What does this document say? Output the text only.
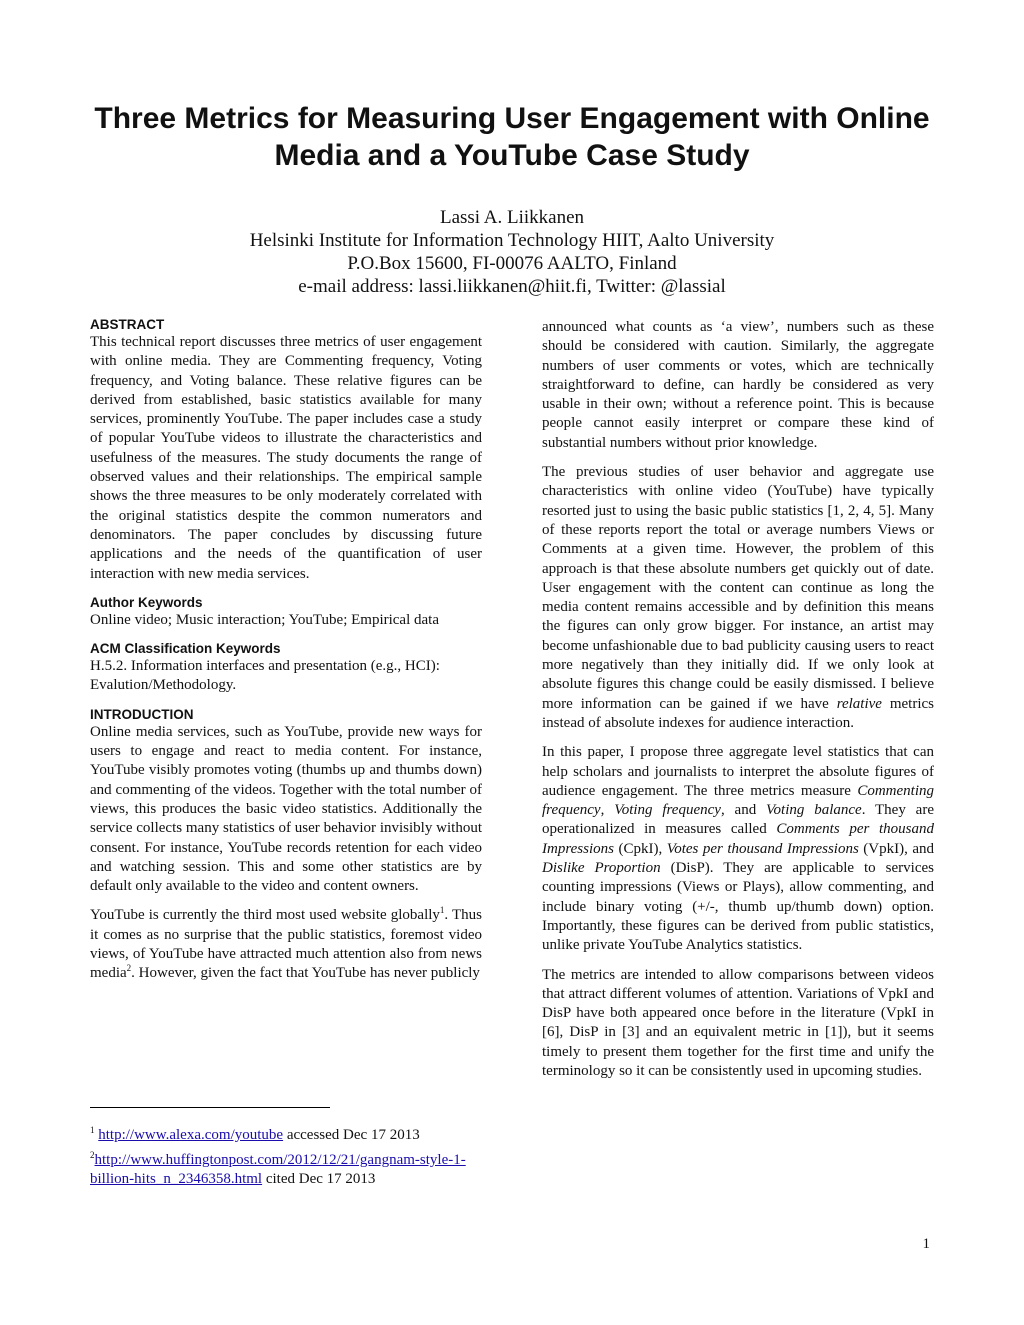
Three Metrics for Measuring User Engagement with Online Media and a YouTube Case Study
Lassi A. Liikkanen
Helsinki Institute for Information Technology HIIT, Aalto University
P.O.Box 15600, FI-00076 AALTO, Finland
e-mail address: lassi.liikkanen@hiit.fi, Twitter: @lassial
ABSTRACT

This technical report discusses three metrics of user engagement with online media. They are Commenting frequency, Voting frequency, and Voting balance. These relative figures can be derived from established, basic statistics available for many services, prominently YouTube. The paper includes case a study of popular YouTube videos to illustrate the characteristics and usefulness of the measures. The study documents the range of observed values and their relationships. The empirical sample shows the three measures to be only moderately correlated with the original statistics despite the common numerators and denominators. The paper concludes by discussing future applications and the needs of the quantification of user interaction with new media services.

Author Keywords

Online video; Music interaction; YouTube; Empirical data

ACM Classification Keywords

H.5.2. Information interfaces and presentation (e.g., HCI): Evalution/Methodology.

INTRODUCTION

Online media services, such as YouTube, provide new ways for users to engage and react to media content. For instance, YouTube visibly promotes voting (thumbs up and thumbs down) and commenting of the videos. Together with the total number of views, this produces the basic video statistics. Additionally the service collects many statistics of user behavior invisibly without consent. For instance, YouTube records retention for each video and watching session. This and some other statistics are by default only available to the video and content owners.

YouTube is currently the third most used website globally$^1$. Thus it comes as no surprise that the public statistics, foremost video views, of YouTube have attracted much attention also from news media$^2$. However, given the fact that YouTube has never publicly

announced what counts as ‘a view’, numbers such as these should be considered with caution. Similarly, the aggregate numbers of user comments or votes, which are technically straightforward to define, can hardly be considered as very usable in their own; without a reference point. This is because people cannot easily interpret or compare these kind of substantial numbers without prior knowledge.

The previous studies of user behavior and aggregate use characteristics with online video (YouTube) have typically resorted just to using the basic public statistics [1, 2, 4, 5]. Many of these reports report the total or average numbers Views or Comments at a given time. However, the problem of this approach is that these absolute numbers get quickly out of date. User engagement with the content can continue as long the media content remains accessible and by definition this means the figures can only grow bigger. For instance, an artist may become unfashionable due to bad publicity causing users to react more negatively than they initially did. If we only look at absolute figures this change could be easily dismissed. I believe more information can be gained if we have relative metrics instead of absolute indexes for audience interaction.

In this paper, I propose three aggregate level statistics that can help scholars and journalists to interpret the absolute figures of audience engagement. The three metrics measure Commenting frequency, Voting frequency, and Voting balance. They are operationalized in measures called Comments per thousand Impressions (CpkI), Votes per thousand Impressions (VpkI), and Dislike Proportion (DisP). They are applicable to services counting impressions (Views or Plays), allow commenting, and include binary voting (+/-, thumb up/thumb down) option. Importantly, these figures can be derived from public statistics, unlike private YouTube Analytics statistics.

The metrics are intended to allow comparisons between videos that attract different volumes of attention. Variations of VpkI and DisP have both appeared once before in the literature (VpkI in [6], DisP in [3] and an equivalent metric in [1]), but it seems timely to present them together for the first time and unify the terminology so it can be consistently used in upcoming studies.

$^1$ http://www.alexa.com/youtube accessed Dec 17 2013
$^2$http://www.huffingtonpost.com/2012/12/21/gangnam-style-1-billion-hits_n_2346358.html cited Dec 17 2013
1
